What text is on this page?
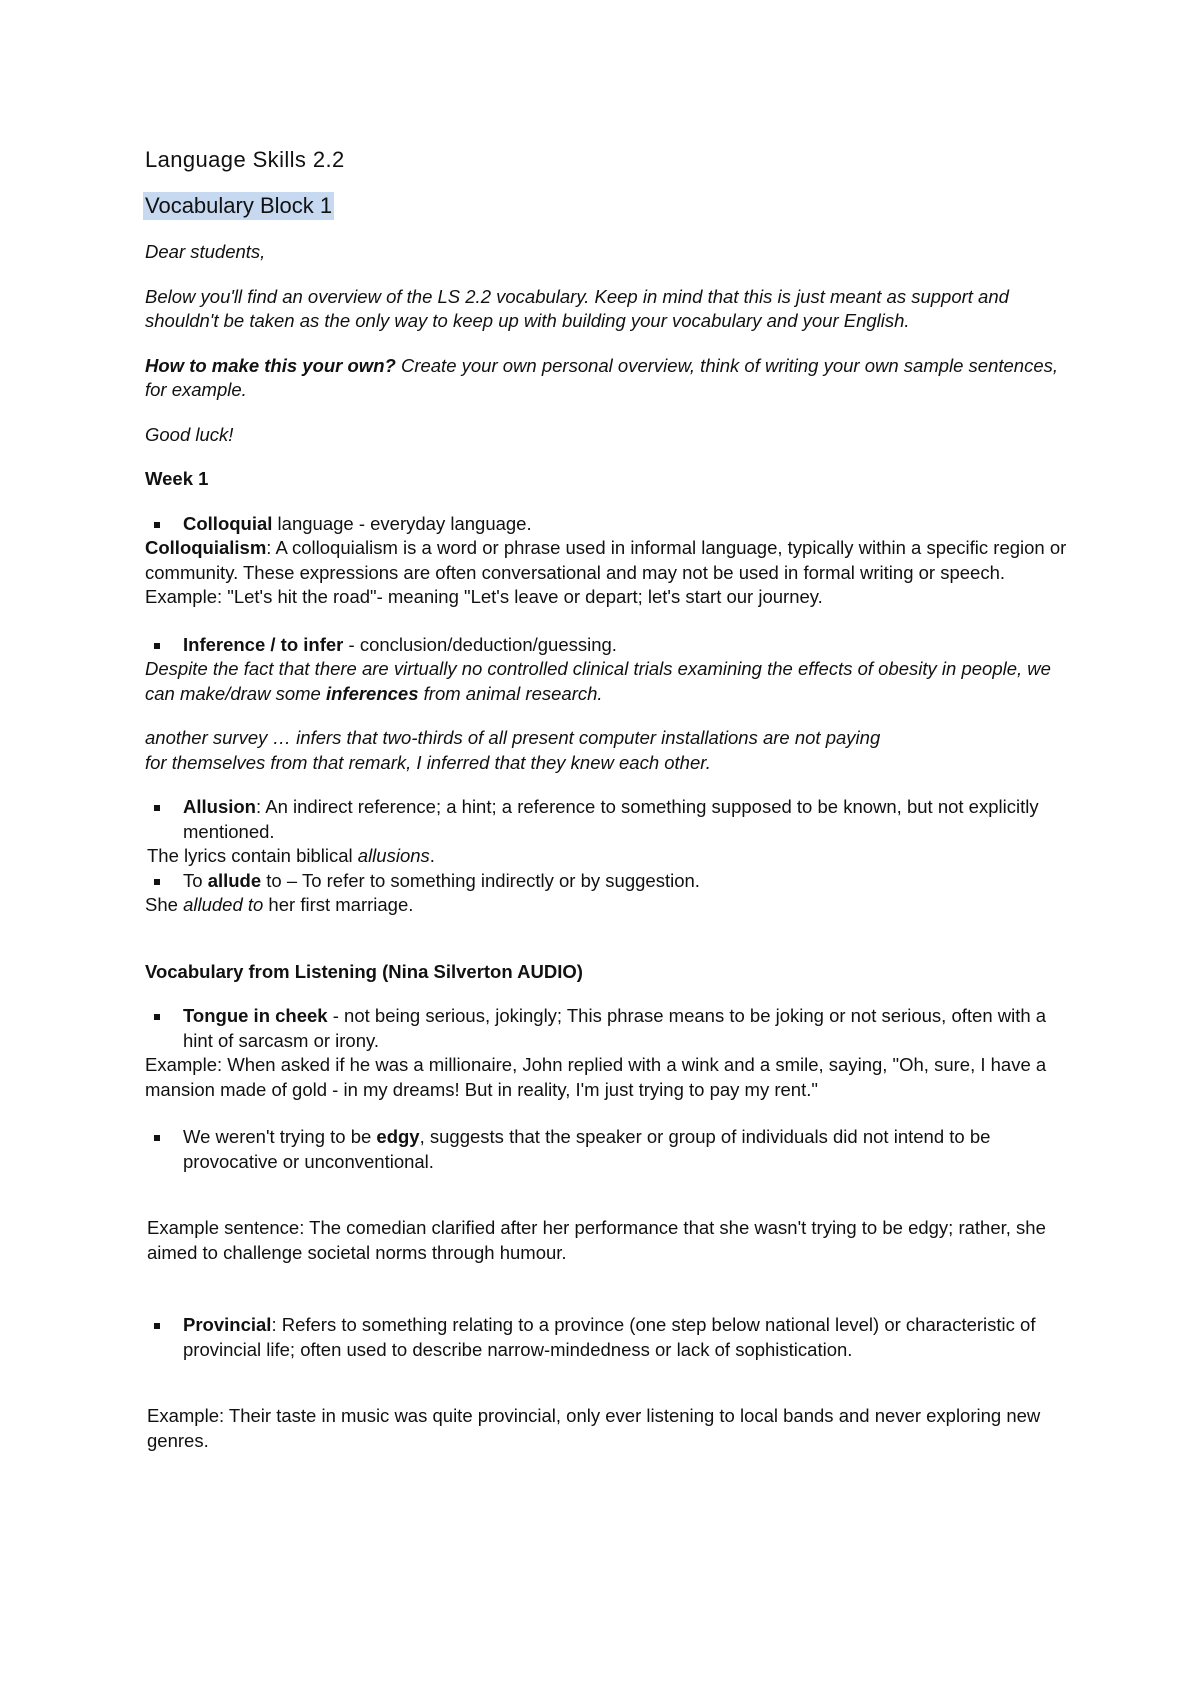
Language Skills 2.2

Vocabulary Block 1

Dear students,

Below you'll find an overview of the LS 2.2 vocabulary. Keep in mind that this is just meant as support and shouldn't be taken as the only way to keep up with building your vocabulary and your English.

How to make this your own? Create your own personal overview, think of writing your own sample sentences, for example.

Good luck!

Week 1

Colloquial language - everyday language.

Colloquialism: A colloquialism is a word or phrase used in informal language, typically within a specific region or community. These expressions are often conversational and may not be used in formal writing or speech.

Example: "Let's hit the road"- meaning "Let's leave or depart; let's start our journey.

Inference / to infer - conclusion/deduction/guessing.

Despite the fact that there are virtually no controlled clinical trials examining the effects of obesity in people, we can make/draw some inferences from animal research.

another survey … infers that two-thirds of all present computer installations are not paying

for themselves from that remark, I inferred that they knew each other.

Allusion: An indirect reference; a hint; a reference to something supposed to be known, but not explicitly mentioned.

The lyrics contain biblical allusions.

To allude to – To refer to something indirectly or by suggestion.

She alluded to her first marriage.

Vocabulary from Listening (Nina Silverton AUDIO)

Tongue in cheek - not being serious, jokingly; This phrase means to be joking or not serious, often with a hint of sarcasm or irony.

Example: When asked if he was a millionaire, John replied with a wink and a smile, saying, "Oh, sure, I have a mansion made of gold - in my dreams! But in reality, I'm just trying to pay my rent."

We weren't trying to be edgy, suggests that the speaker or group of individuals did not intend to be provocative or unconventional.

Example sentence: The comedian clarified after her performance that she wasn't trying to be edgy; rather, she aimed to challenge societal norms through humour.

Provincial: Refers to something relating to a province (one step below national level) or characteristic of provincial life; often used to describe narrow-mindedness or lack of sophistication.

Example: Their taste in music was quite provincial, only ever listening to local bands and never exploring new genres.
